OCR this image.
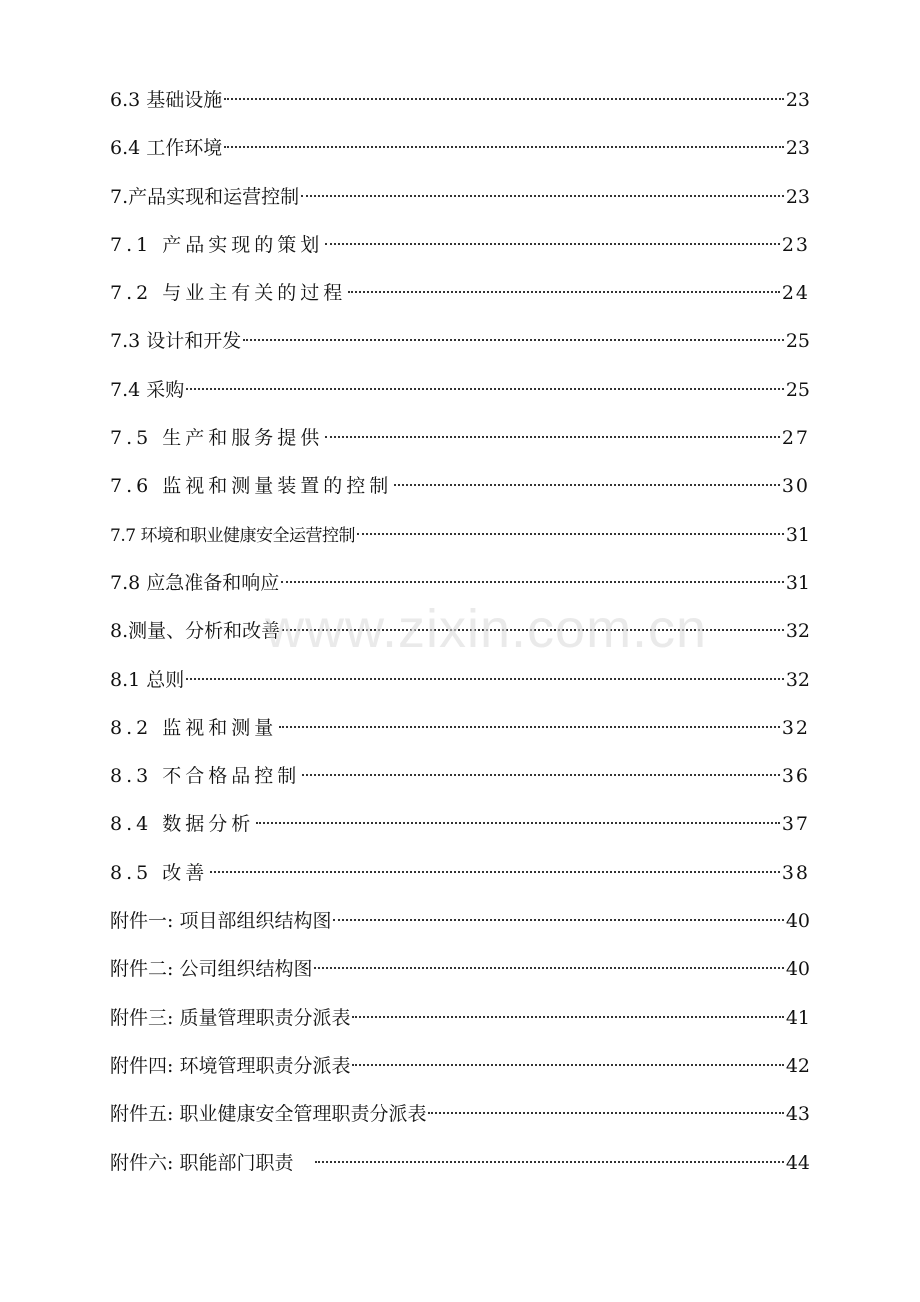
6.3 基础设施	23
6.4 工作环境	23
7.产品实现和运营控制	23
7.1 产品实现的策划	23
7.2 与业主有关的过程	24
7.3 设计和开发	25
7.4 采购	25
7.5 生产和服务提供	27
7.6 监视和测量装置的控制	30
7.7 环境和职业健康安全运营控制	31
7.8 应急准备和响应	31
8.测量、分析和改善	32
8.1 总则	32
8.2 监视和测量	32
8.3 不合格品控制	36
8.4 数据分析	37
8.5 改善	38
附件一: 项目部组织结构图	40
附件二: 公司组织结构图	40
附件三: 质量管理职责分派表	41
附件四: 环境管理职责分派表	42
附件五: 职业健康安全管理职责分派表	43
附件六: 职能部门职责	44
www.zixin.com.cn
